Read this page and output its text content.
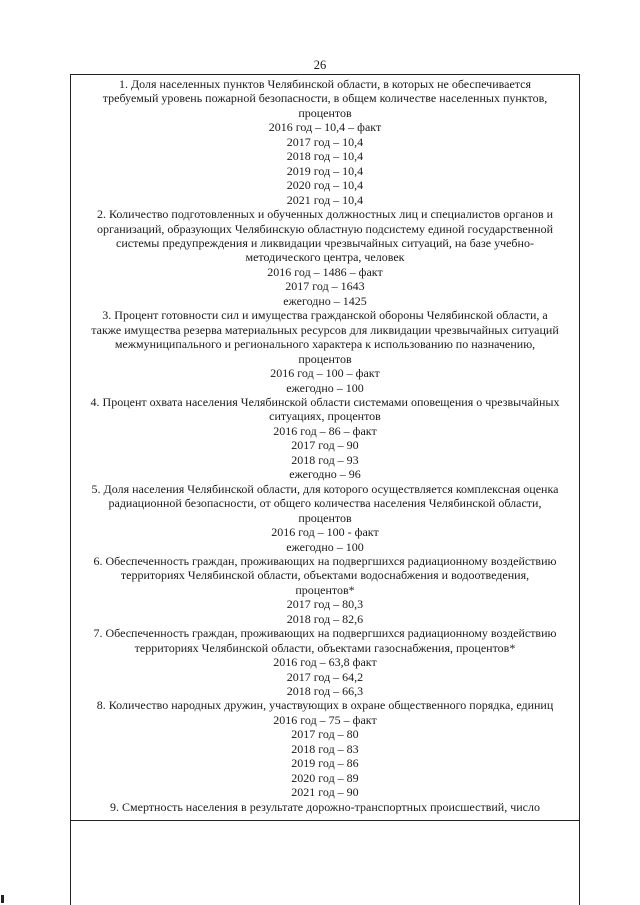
26

1. Доля населенных пунктов Челябинской области, в которых не обеспечивается

требуемый уровень пожарной безопасности, в общем количестве населенных пунктов,

процентов

2016 год – 10,4 – факт

2017 год – 10,4

2018 год – 10,4

2019 год – 10,4

2020 год – 10,4

2021 год – 10,4

2. Количество подготовленных и обученных должностных лиц и специалистов органов и

организаций, образующих Челябинскую областную подсистему единой государственной

системы предупреждения и ликвидации чрезвычайных ситуаций, на базе учебно-

методического центра, человек

2016 год – 1486 – факт

2017 год – 1643

ежегодно – 1425

3. Процент готовности сил и имущества гражданской обороны Челябинской области, а

также имущества резерва материальных ресурсов для ликвидации чрезвычайных ситуаций

межмуниципального и регионального характера к использованию по назначению,

процентов

2016 год – 100 – факт

ежегодно – 100

4. Процент охвата населения Челябинской области системами оповещения о чрезвычайных

ситуациях, процентов

2016 год – 86 – факт

2017 год – 90

2018 год – 93

ежегодно – 96

5. Доля населения Челябинской области, для которого осуществляется комплексная оценка

радиационной безопасности, от общего количества населения Челябинской области,

процентов

2016 год – 100 - факт

ежегодно – 100

6. Обеспеченность граждан, проживающих на подвергшихся радиационному воздействию

территориях Челябинской области, объектами водоснабжения и водоотведения,

процентов*

2017 год – 80,3

2018 год – 82,6

7. Обеспеченность граждан, проживающих на подвергшихся радиационному воздействию

территориях Челябинской области, объектами газоснабжения, процентов*

2016 год – 63,8 факт

2017 год – 64,2

2018 год – 66,3

8. Количество народных дружин, участвующих в охране общественного порядка, единиц

2016 год – 75 – факт

2017 год – 80

2018 год – 83

2019 год – 86

2020 год – 89

2021 год – 90

9. Смертность населения в результате дорожно-транспортных происшествий, число
